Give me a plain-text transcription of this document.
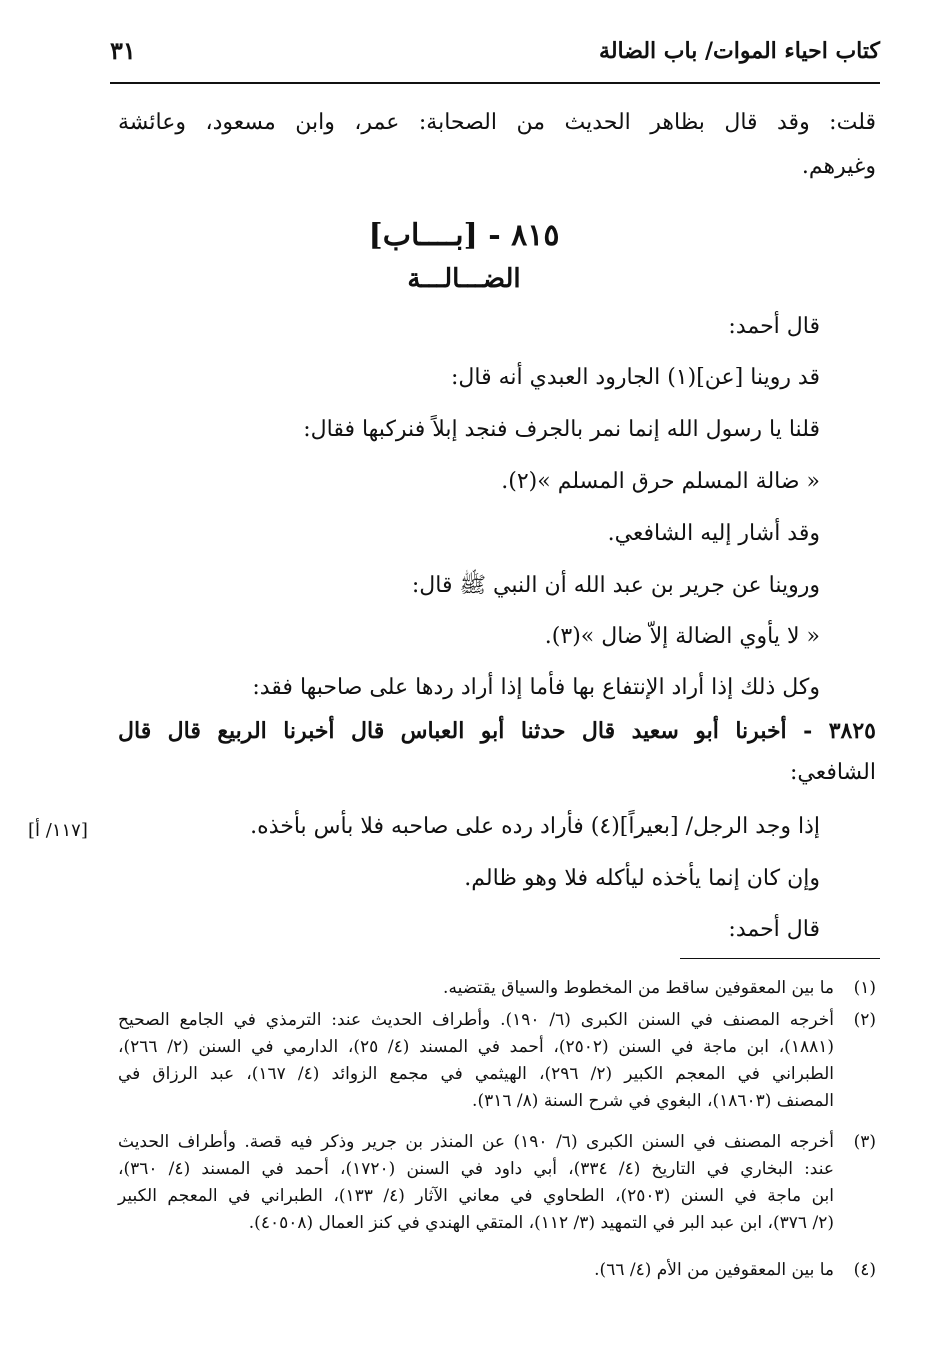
كتاب احياء الموات/ باب الضالة
٣١
قلت: وقد قال بظاهر الحديث من الصحابة: عمر، وابن مسعود، وعائشة
وغيرهم.
٨١٥ - [بــــاب]
الضـــالـــة
قال أحمد:
قد روينا [عن](١) الجارود العبدي أنه قال:
قلنا يا رسول الله إنما نمر بالجرف فنجد إبلاً فنركبها فقال:
« ضالة المسلم حرق المسلم »(٢).
وقد أشار إليه الشافعي.
وروينا عن جرير بن عبد الله أن النبي ﷺ قال:
« لا يأوي الضالة إلاّ ضال »(٣).
وكل ذلك إذا أراد الإنتفاع بها فأما إذا أراد ردها على صاحبها فقد:
٣٨٢٥ - أخبرنا أبو سعيد قال حدثنا أبو العباس قال أخبرنا الربيع قال قال
الشافعي:
إذا وجد الرجل/ [بعيراً](٤) فأراد رده على صاحبه فلا بأس بأخذه.
وإن كان إنما يأخذه ليأكله فلا وهو ظالم.
قال أحمد:
[١١٧/ أ]
(١)
ما بين المعقوفين ساقط من المخطوط والسياق يقتضيه.
(٢)
أخرجه المصنف في السنن الكبرى (٦/ ١٩٠). وأطراف الحديث عند: الترمذي في الجامع الصحيح
(١٨٨١)، ابن ماجة في السنن (٢٥٠٢)، أحمد في المسند (٤/ ٢٥)، الدارمي في السنن (٢/ ٢٦٦)،
الطبراني في المعجم الكبير (٢/ ٢٩٦)، الهيثمي في مجمع الزوائد (٤/ ١٦٧)، عبد الرزاق في
المصنف (١٨٦٠٣)، البغوي في شرح السنة (٨/ ٣١٦).
(٣)
أخرجه المصنف في السنن الكبرى (٦/ ١٩٠) عن المنذر بن جرير وذكر فيه قصة. وأطراف الحديث
عند: البخاري في التاريخ (٤/ ٣٣٤)، أبي داود في السنن (١٧٢٠)، أحمد في المسند (٤/ ٣٦٠)،
ابن ماجة في السنن (٢٥٠٣)، الطحاوي في معاني الآثار (٤/ ١٣٣)، الطبراني في المعجم الكبير
(٢/ ٣٧٦)، ابن عبد البر في التمهيد (٣/ ١١٢)، المتقي الهندي في كنز العمال (٤٠٥٠٨).
(٤)
ما بين المعقوفين من الأم (٤/ ٦٦).
